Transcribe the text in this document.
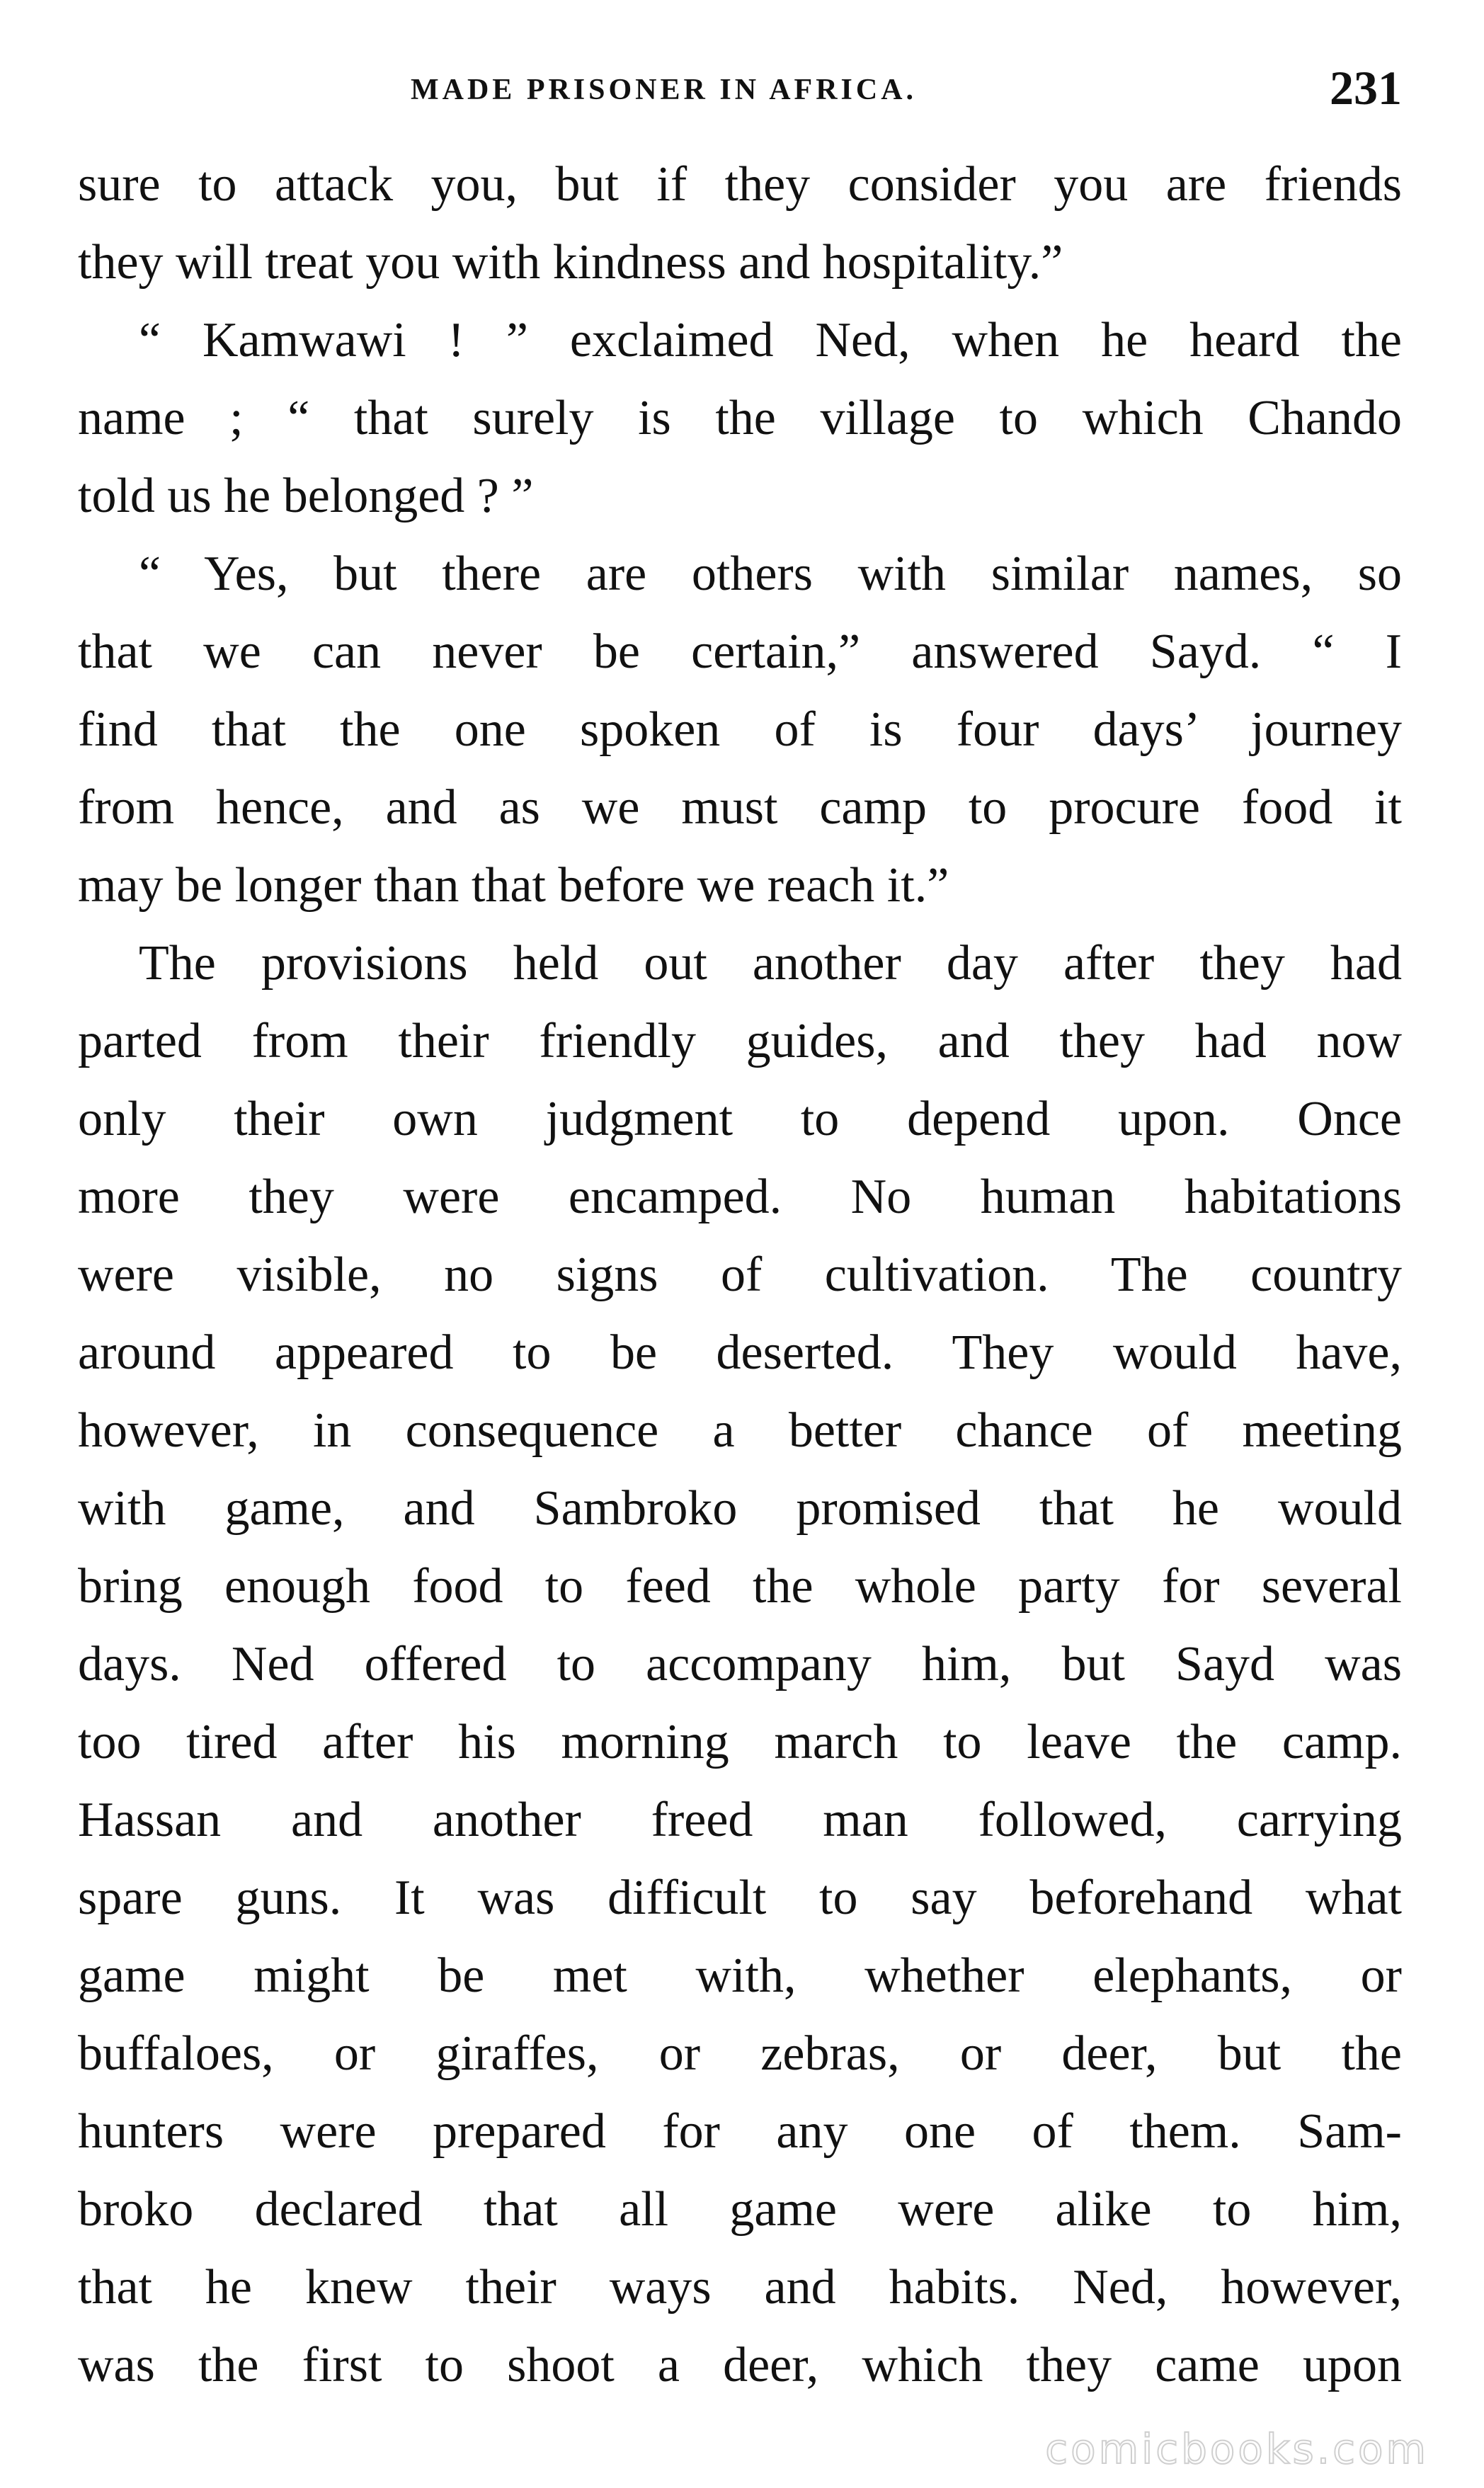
MADE PRISONER IN AFRICA.	231
sure to attack you, but if they consider you are friends
they will treat you with kindness and hospitality.”
“ Kamwawi ! ” exclaimed Ned, when he heard the
name ; “ that surely is the village to which Chando
told us he belonged ? ”
“ Yes, but there are others with similar names, so
that we can never be certain,” answered Sayd. “ I
find that the one spoken of is four days’ journey
from hence, and as we must camp to procure food it
may be longer than that before we reach it.”
The provisions held out another day after they had
parted from their friendly guides, and they had now
only their own judgment to depend upon. Once
more they were encamped. No human habitations
were visible, no signs of cultivation. The country
around appeared to be deserted. They would have,
however, in consequence a better chance of meeting
with game, and Sambroko promised that he would
bring enough food to feed the whole party for several
days. Ned offered to accompany him, but Sayd was
too tired after his morning march to leave the camp.
Hassan and another freed man followed, carrying
spare guns. It was difficult to say beforehand what
game might be met with, whether elephants, or
buffaloes, or giraffes, or zebras, or deer, but the
hunters were prepared for any one of them. Sam-
broko declared that all game were alike to him,
that he knew their ways and habits. Ned, however,
was the first to shoot a deer, which they came upon
comicbooks.com
